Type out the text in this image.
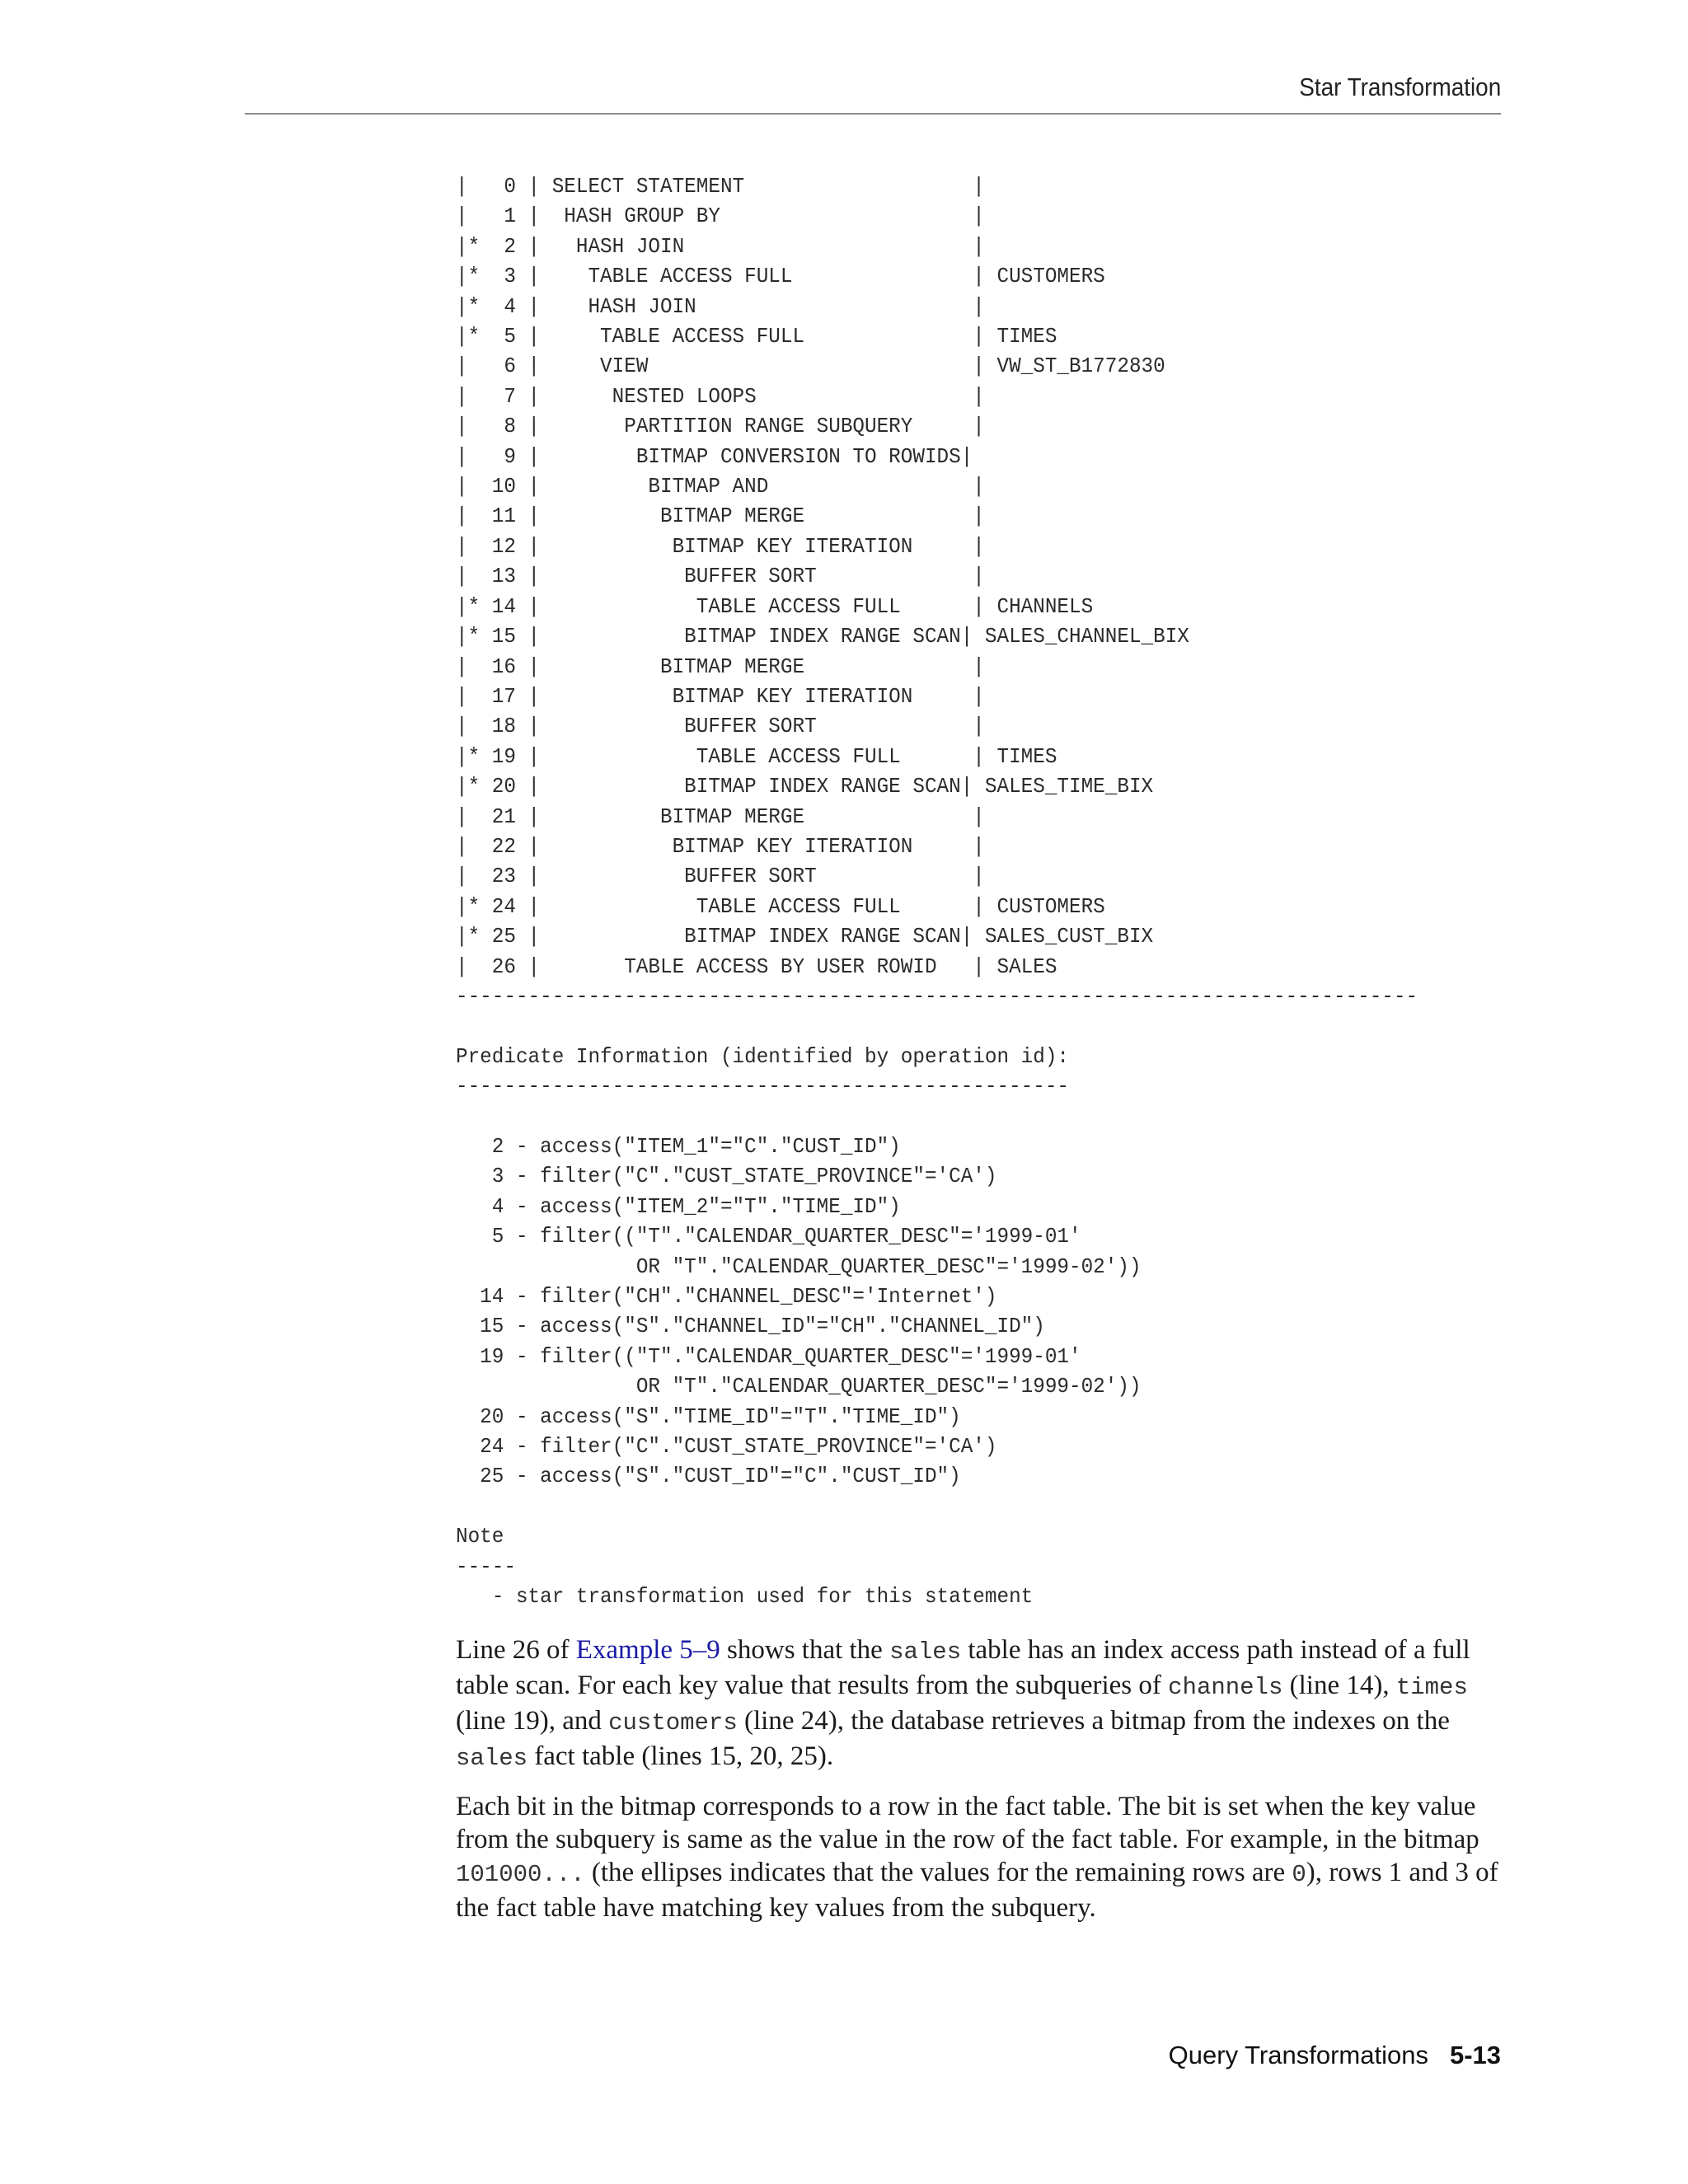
Star Transformation
|   0 | SELECT STATEMENT                   |
|   1 |  HASH GROUP BY                     |
|*  2 |   HASH JOIN                        |
|*  3 |    TABLE ACCESS FULL               | CUSTOMERS
|*  4 |    HASH JOIN                       |
|*  5 |     TABLE ACCESS FULL              | TIMES
|   6 |     VIEW                           | VW_ST_B1772830
|   7 |      NESTED LOOPS                  |
|   8 |       PARTITION RANGE SUBQUERY     |
|   9 |        BITMAP CONVERSION TO ROWIDS|
|  10 |         BITMAP AND                 |
|  11 |          BITMAP MERGE              |
|  12 |           BITMAP KEY ITERATION     |
|  13 |            BUFFER SORT             |
|* 14 |             TABLE ACCESS FULL      | CHANNELS
|* 15 |            BITMAP INDEX RANGE SCAN| SALES_CHANNEL_BIX
|  16 |          BITMAP MERGE              |
|  17 |           BITMAP KEY ITERATION     |
|  18 |            BUFFER SORT             |
|* 19 |             TABLE ACCESS FULL      | TIMES
|* 20 |            BITMAP INDEX RANGE SCAN| SALES_TIME_BIX
|  21 |          BITMAP MERGE              |
|  22 |           BITMAP KEY ITERATION     |
|  23 |            BUFFER SORT             |
|* 24 |             TABLE ACCESS FULL      | CUSTOMERS
|* 25 |            BITMAP INDEX RANGE SCAN| SALES_CUST_BIX
|  26 |       TABLE ACCESS BY USER ROWID   | SALES
--------------------------------------------------------------------------------

Predicate Information (identified by operation id):
---------------------------------------------------

2 - access("ITEM_1"="C"."CUST_ID")
3 - filter("C"."CUST_STATE_PROVINCE"='CA')
4 - access("ITEM_2"="T"."TIME_ID")
5 - filter(("T"."CALENDAR_QUARTER_DESC"='1999-01'
OR "T"."CALENDAR_QUARTER_DESC"='1999-02'))
14 - filter("CH"."CHANNEL_DESC"='Internet')
15 - access("S"."CHANNEL_ID"="CH"."CHANNEL_ID")
19 - filter(("T"."CALENDAR_QUARTER_DESC"='1999-01'
OR "T"."CALENDAR_QUARTER_DESC"='1999-02'))
20 - access("S"."TIME_ID"="T"."TIME_ID")
24 - filter("C"."CUST_STATE_PROVINCE"='CA')
25 - access("S"."CUST_ID"="C"."CUST_ID")

Note
-----
- star transformation used for this statement

Line 26 of Example 5–9 shows that the sales table has an index access path instead of a full table scan. For each key value that results from the subqueries of channels (line 14), times (line 19), and customers (line 24), the database retrieves a bitmap from the indexes on the sales fact table (lines 15, 20, 25).

Each bit in the bitmap corresponds to a row in the fact table. The bit is set when the key value from the subquery is same as the value in the row of the fact table. For example, in the bitmap 101000... (the ellipses indicates that the values for the remaining rows are 0), rows 1 and 3 of the fact table have matching key values from the subquery.

Query Transformations 5-13
